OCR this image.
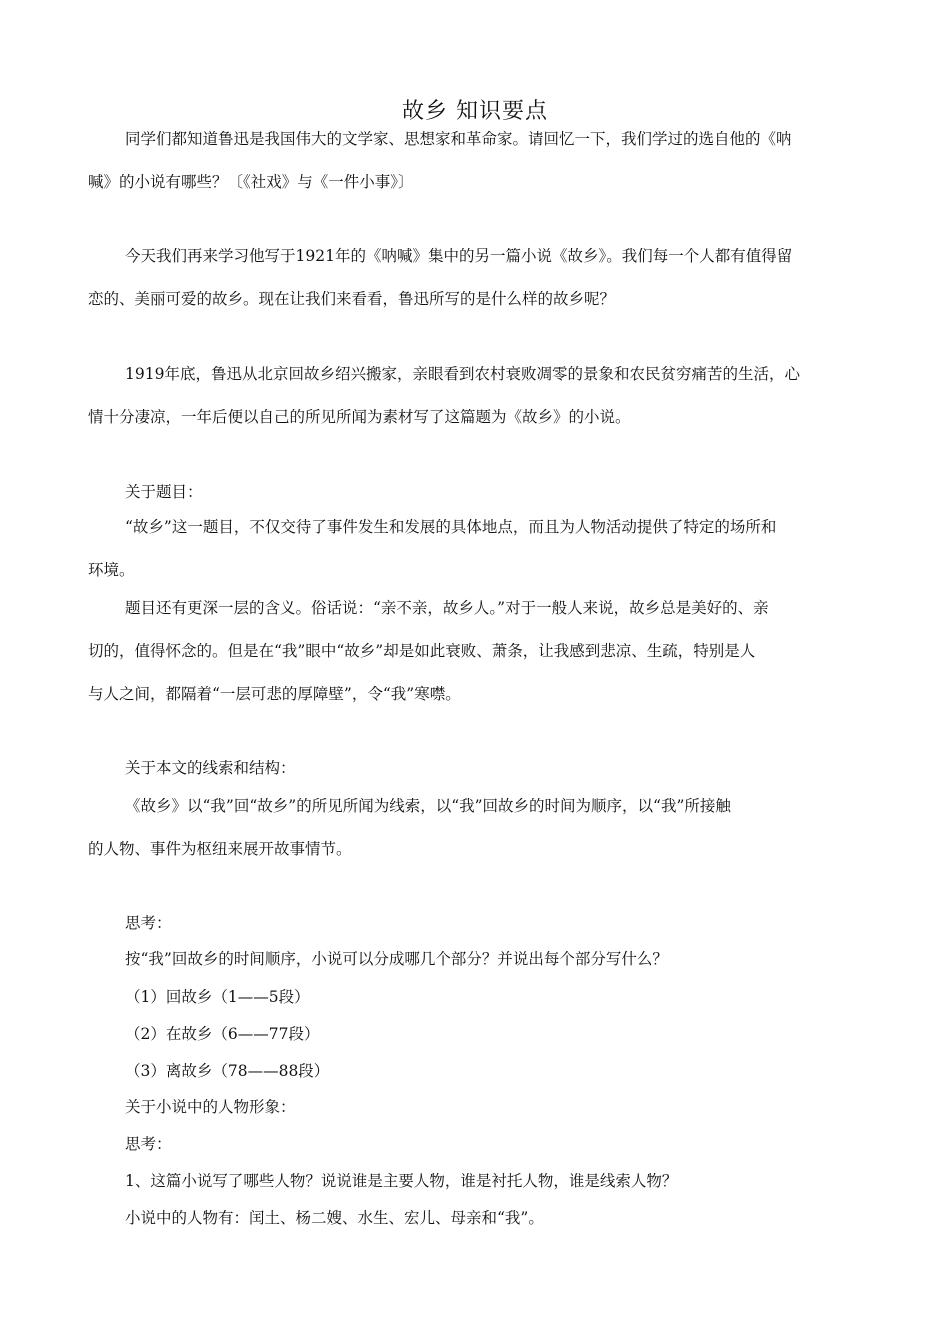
故乡 知识要点
同学们都知道鲁迅是我国伟大的文学家、思想家和革命家。请回忆一下，我们学过的选自他的《呐
喊》的小说有哪些？〔《社戏》与《一件小事》〕
今天我们再来学习他写于1921年的《呐喊》集中的另一篇小说《故乡》。我们每一个人都有值得留
恋的、美丽可爱的故乡。现在让我们来看看，鲁迅所写的是什么样的故乡呢？
1919年底，鲁迅从北京回故乡绍兴搬家，亲眼看到农村衰败凋零的景象和农民贫穷痛苦的生活，心
情十分凄凉，一年后便以自己的所见所闻为素材写了这篇题为《故乡》的小说。
关于题目：
“故乡”这一题目，不仅交待了事件发生和发展的具体地点，而且为人物活动提供了特定的场所和
环境。
题目还有更深一层的含义。俗话说：“亲不亲，故乡人。”对于一般人来说，故乡总是美好的、亲
切的，值得怀念的。但是在“我”眼中“故乡”却是如此衰败、萧条，让我感到悲凉、生疏，特别是人
与人之间，都隔着“一层可悲的厚障壁”，令“我”寒噤。
关于本文的线索和结构：
《故乡》以“我”回“故乡”的所见所闻为线索，以“我”回故乡的时间为顺序，以“我”所接触
的人物、事件为枢纽来展开故事情节。
思考：
按“我”回故乡的时间顺序，小说可以分成哪几个部分？并说出每个部分写什么？
（1）回故乡（1——5段）
（2）在故乡（6——77段）
（3）离故乡（78——88段）
关于小说中的人物形象：
思考：
1、这篇小说写了哪些人物？说说谁是主要人物，谁是衬托人物，谁是线索人物？
小说中的人物有：闰土、杨二嫂、水生、宏儿、母亲和“我”。
